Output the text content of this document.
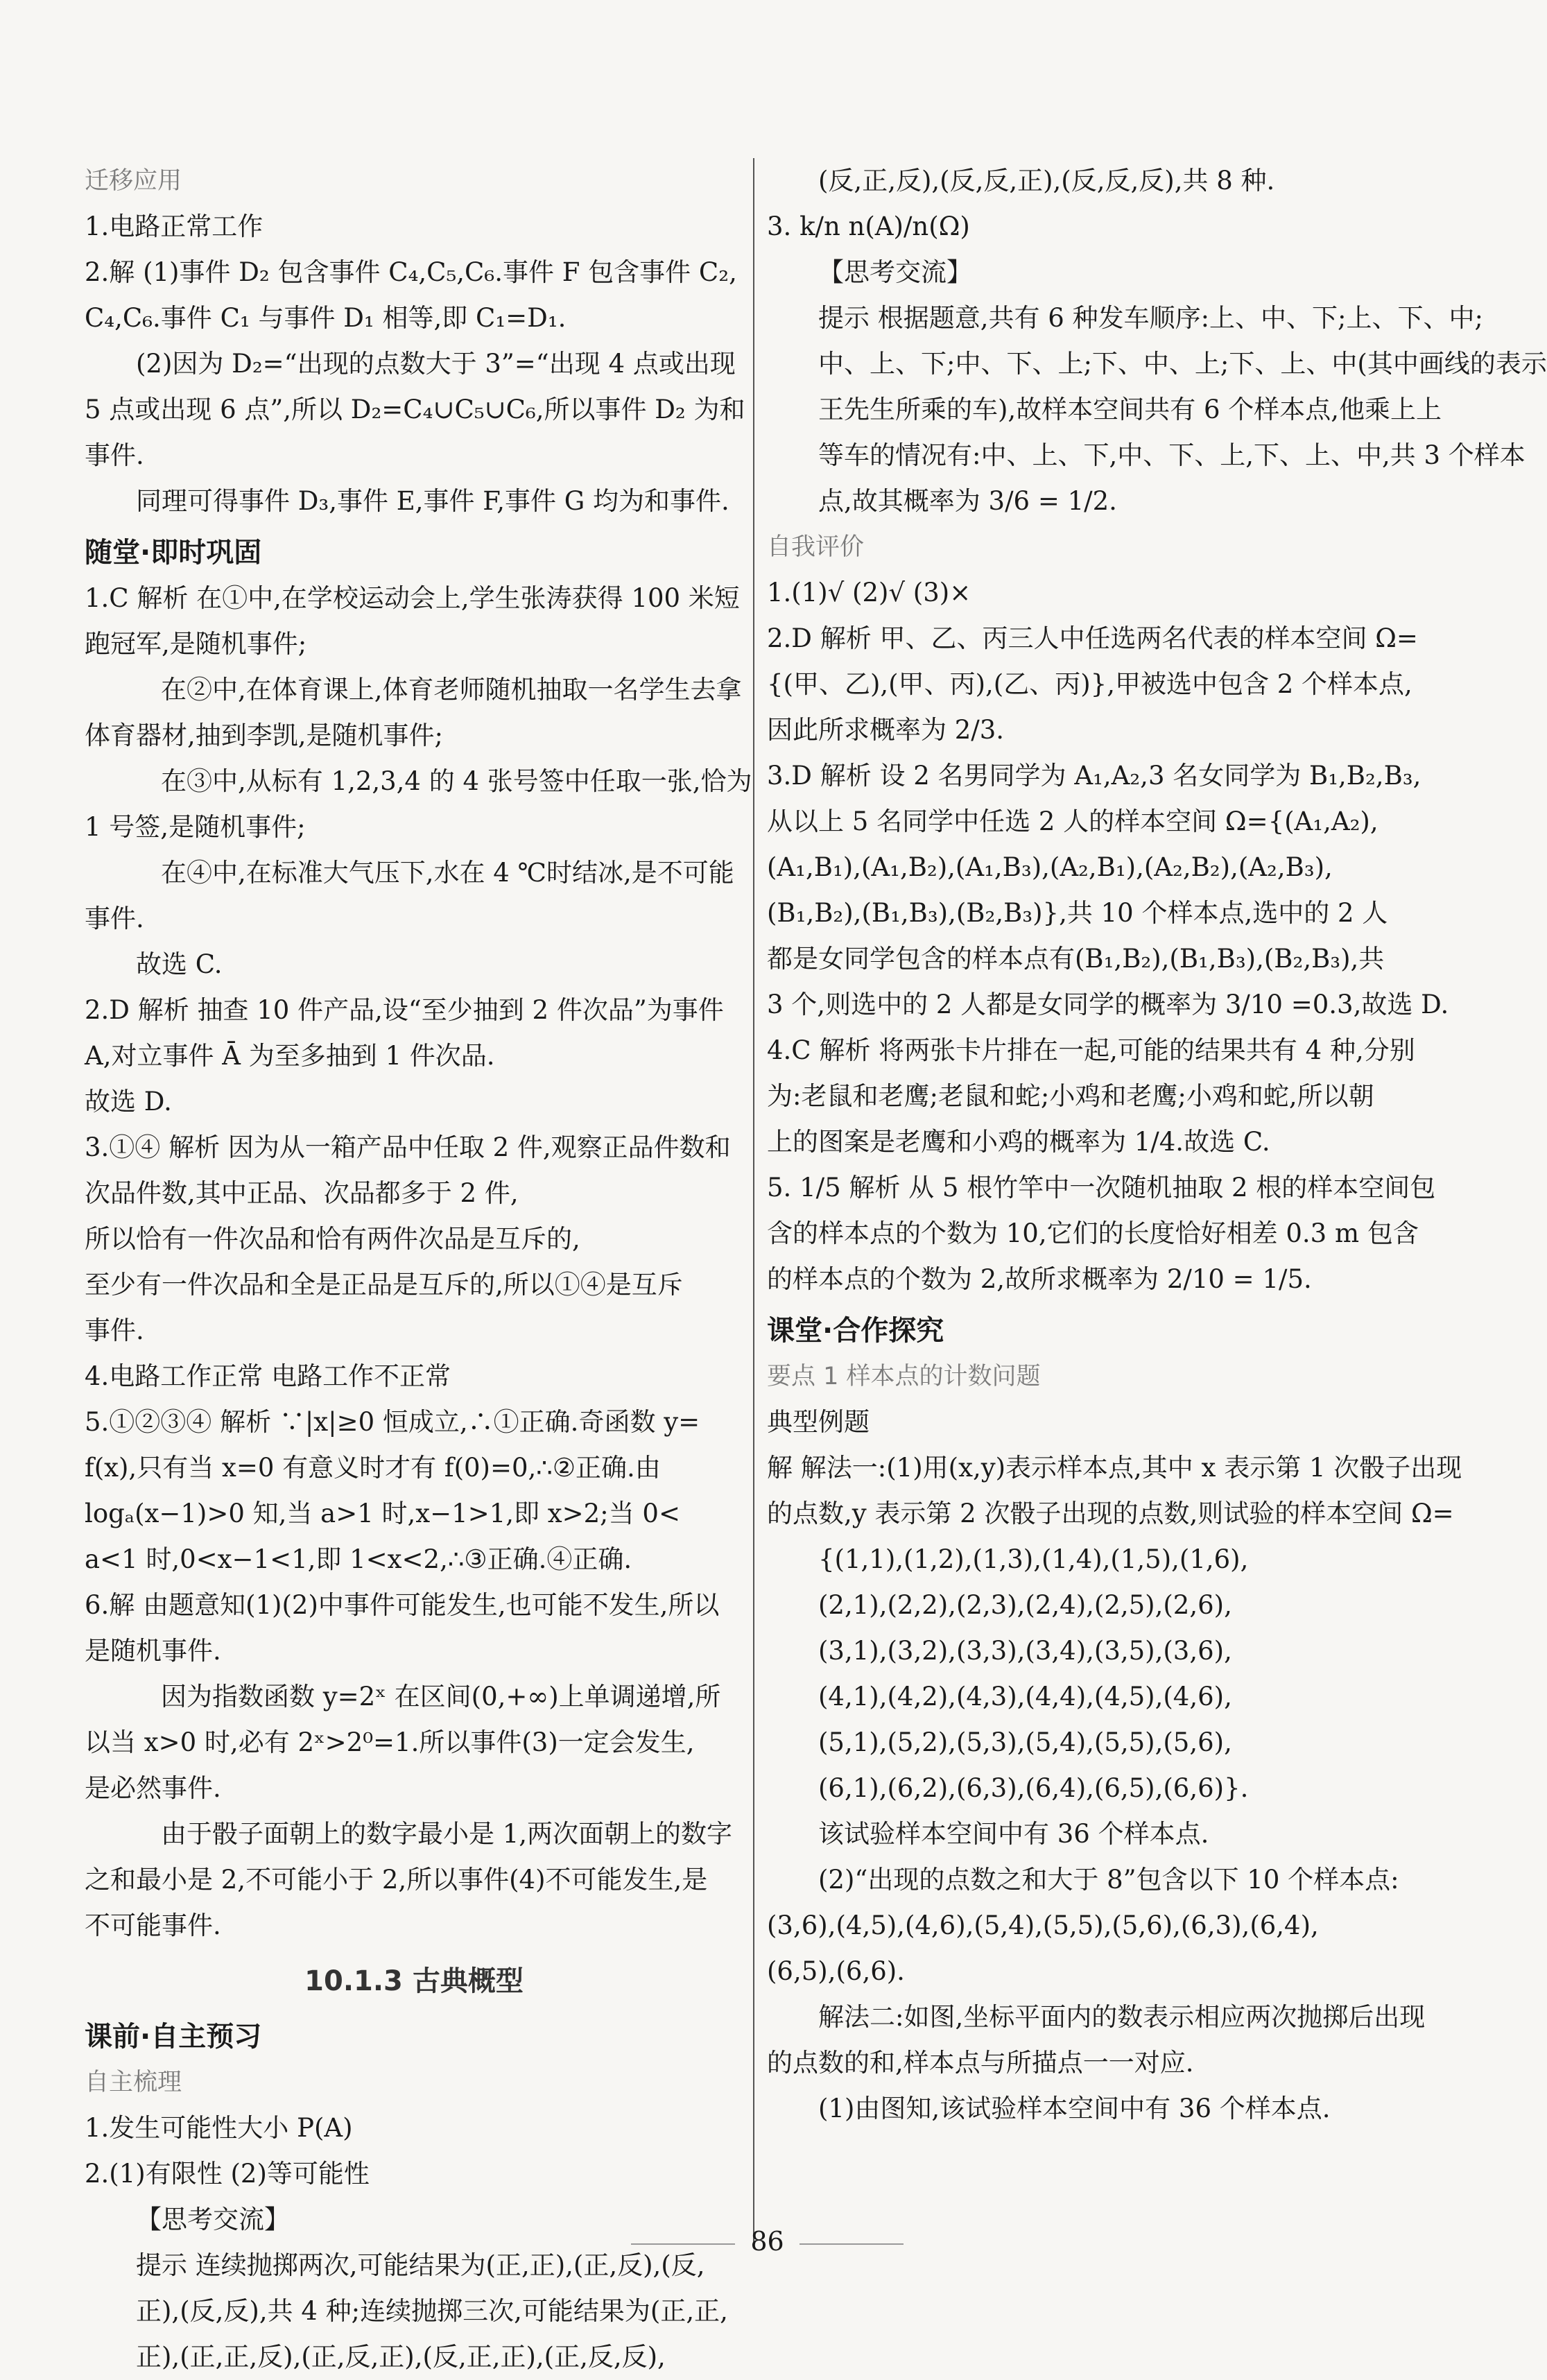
迁移应用
1.电路正常工作
2.解 (1)事件 D₂ 包含事件 C₄,C₅,C₆.事件 F 包含事件 C₂,
C₄,C₆.事件 C₁ 与事件 D₁ 相等,即 C₁=D₁.
(2)因为 D₂=“出现的点数大于 3”=“出现 4 点或出现
5 点或出现 6 点”,所以 D₂=C₄∪C₅∪C₆,所以事件 D₂ 为和
事件.
同理可得事件 D₃,事件 E,事件 F,事件 G 均为和事件.
随堂·即时巩固
1.C 解析 在①中,在学校运动会上,学生张涛获得 100 米短
跑冠军,是随机事件;
在②中,在体育课上,体育老师随机抽取一名学生去拿
体育器材,抽到李凯,是随机事件;
在③中,从标有 1,2,3,4 的 4 张号签中任取一张,恰为
1 号签,是随机事件;
在④中,在标准大气压下,水在 4 ℃时结冰,是不可能
事件.
故选 C.
2.D 解析 抽查 10 件产品,设“至少抽到 2 件次品”为事件
A,对立事件 Ā 为至多抽到 1 件次品.
故选 D.
3.①④ 解析 因为从一箱产品中任取 2 件,观察正品件数和
次品件数,其中正品、次品都多于 2 件,
所以恰有一件次品和恰有两件次品是互斥的,
至少有一件次品和全是正品是互斥的,所以①④是互斥
事件.
4.电路工作正常 电路工作不正常
5.①②③④ 解析 ∵|x|≥0 恒成立,∴①正确.奇函数 y=
f(x),只有当 x=0 有意义时才有 f(0)=0,∴②正确.由
logₐ(x−1)>0 知,当 a>1 时,x−1>1,即 x>2;当 0<
a<1 时,0<x−1<1,即 1<x<2,∴③正确.④正确.
6.解 由题意知(1)(2)中事件可能发生,也可能不发生,所以
是随机事件.
因为指数函数 y=2ˣ 在区间(0,+∞)上单调递增,所
以当 x>0 时,必有 2ˣ>2⁰=1.所以事件(3)一定会发生,
是必然事件.
由于骰子面朝上的数字最小是 1,两次面朝上的数字
之和最小是 2,不可能小于 2,所以事件(4)不可能发生,是
不可能事件.
10.1.3 古典概型
课前·自主预习
自主梳理
1.发生可能性大小 P(A)
2.(1)有限性 (2)等可能性
【思考交流】
提示 连续抛掷两次,可能结果为(正,正),(正,反),(反,
正),(反,反),共 4 种;连续抛掷三次,可能结果为(正,正,
正),(正,正,反),(正,反,正),(反,正,正),(正,反,反),
(反,正,反),(反,反,正),(反,反,反),共 8 种.
3. k/n n(A)/n(Ω)
【思考交流】
提示 根据题意,共有 6 种发车顺序:上、中、下;上、下、中;
中、上、下;中、下、上;下、中、上;下、上、中(其中画线的表示
王先生所乘的车),故样本空间共有 6 个样本点,他乘上上
等车的情况有:中、上、下,中、下、上,下、上、中,共 3 个样本
点,故其概率为 3/6 = 1/2.
自我评价
1.(1)√ (2)√ (3)×
2.D 解析 甲、乙、丙三人中任选两名代表的样本空间 Ω=
{(甲、乙),(甲、丙),(乙、丙)},甲被选中包含 2 个样本点,
因此所求概率为 2/3.
3.D 解析 设 2 名男同学为 A₁,A₂,3 名女同学为 B₁,B₂,B₃,
从以上 5 名同学中任选 2 人的样本空间 Ω={(A₁,A₂),
(A₁,B₁),(A₁,B₂),(A₁,B₃),(A₂,B₁),(A₂,B₂),(A₂,B₃),
(B₁,B₂),(B₁,B₃),(B₂,B₃)},共 10 个样本点,选中的 2 人
都是女同学包含的样本点有(B₁,B₂),(B₁,B₃),(B₂,B₃),共
3 个,则选中的 2 人都是女同学的概率为 3/10 =0.3,故选 D.
4.C 解析 将两张卡片排在一起,可能的结果共有 4 种,分别
为:老鼠和老鹰;老鼠和蛇;小鸡和老鹰;小鸡和蛇,所以朝
上的图案是老鹰和小鸡的概率为 1/4.故选 C.
5. 1/5 解析 从 5 根竹竿中一次随机抽取 2 根的样本空间包
含的样本点的个数为 10,它们的长度恰好相差 0.3 m 包含
的样本点的个数为 2,故所求概率为 2/10 = 1/5.
课堂·合作探究
要点 1 样本点的计数问题
典型例题
解 解法一:(1)用(x,y)表示样本点,其中 x 表示第 1 次骰子出现
的点数,y 表示第 2 次骰子出现的点数,则试验的样本空间 Ω=
{(1,1),(1,2),(1,3),(1,4),(1,5),(1,6),
(2,1),(2,2),(2,3),(2,4),(2,5),(2,6),
(3,1),(3,2),(3,3),(3,4),(3,5),(3,6),
(4,1),(4,2),(4,3),(4,4),(4,5),(4,6),
(5,1),(5,2),(5,3),(5,4),(5,5),(5,6),
(6,1),(6,2),(6,3),(6,4),(6,5),(6,6)}.
该试验样本空间中有 36 个样本点.
(2)“出现的点数之和大于 8”包含以下 10 个样本点:
(3,6),(4,5),(4,6),(5,4),(5,5),(5,6),(6,3),(6,4),
(6,5),(6,6).
解法二:如图,坐标平面内的数表示相应两次抛掷后出现
的点数的和,样本点与所描点一一对应.
(1)由图知,该试验样本空间中有 36 个样本点.
86
